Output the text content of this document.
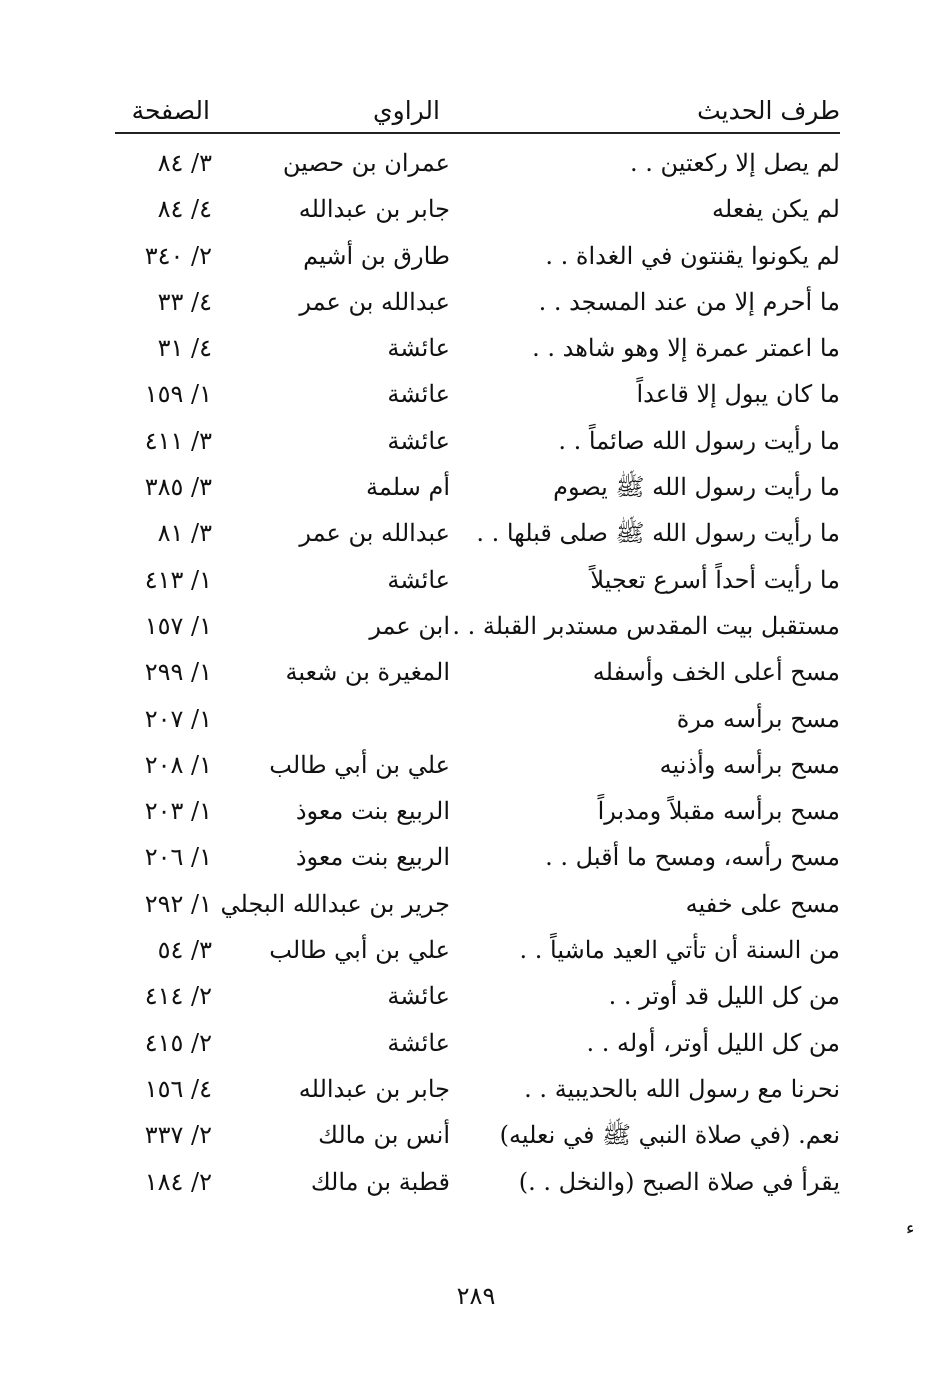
طرف الحديث
الراوي
الصفحة
لم يصل إلا ركعتين . .
عمران بن حصين
٣/ ٨٤
لم يكن يفعله
جابر بن عبدالله
٤/ ٨٤
لم يكونوا يقنتون في الغداة . .
طارق بن أشيم
٢/ ٣٤٠
ما أحرم إلا من عند المسجد . .
عبدالله بن عمر
٤/ ٣٣
ما اعمتر عمرة إلا وهو شاهد . .
عائشة
٤/ ٣١
ما كان يبول إلا قاعداً
عائشة
١/ ١٥٩
ما رأيت رسول الله صائماً . .
عائشة
٣/ ٤١١
ما رأيت رسول الله ﷺ يصوم
أم سلمة
٣/ ٣٨٥
ما رأيت رسول الله ﷺ صلى قبلها . .
عبدالله بن عمر
٣/ ٨١
ما رأيت أحداً أسرع تعجيلاً
عائشة
١/ ٤١٣
مستقبل بيت المقدس مستدبر القبلة . .
ابن عمر
١/ ١٥٧
مسح أعلى الخف وأسفله
المغيرة بن شعبة
١/ ٢٩٩
مسح برأسه مرة
١/ ٢٠٧
مسح برأسه وأذنيه
علي بن أبي طالب
١/ ٢٠٨
مسح برأسه مقبلاً ومدبراً
الربيع بنت معوذ
١/ ٢٠٣
مسح رأسه، ومسح ما أقبل . .
الربيع بنت معوذ
١/ ٢٠٦
مسح على خفيه
جرير بن عبدالله البجلي
١/ ٢٩٢
من السنة أن تأتي العيد ماشياً . .
علي بن أبي طالب
٣/ ٥٤
من كل الليل قد أوتر . .
عائشة
٢/ ٤١٤
من كل الليل أوتر، أوله . .
عائشة
٢/ ٤١٥
نحرنا مع رسول الله بالحديبية . .
جابر بن عبدالله
٤/ ١٥٦
نعم. (في صلاة النبي ﷺ في نعليه)
أنس بن مالك
٢/ ٣٣٧
يقرأ في صلاة الصبح (والنخل . .)
قطبة بن مالك
٢/ ١٨٤
ء
٢٨٩
